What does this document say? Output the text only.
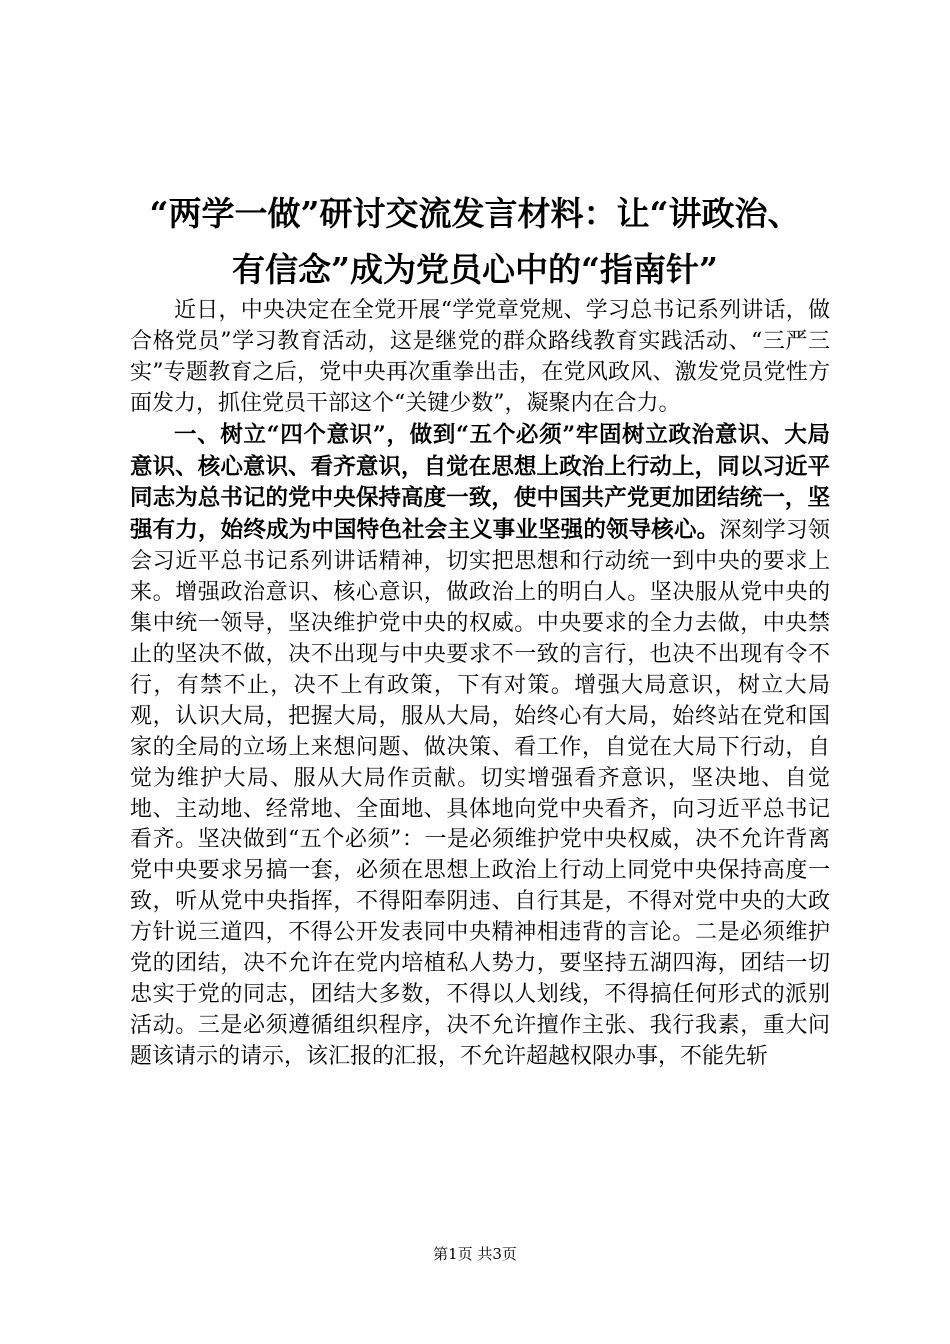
“两学一做”研讨交流发言材料：让“讲政治、
有信念”成为党员心中的“指南针”

近日，中央决定在全党开展“学党章党规、学习总书记系列讲话，做合格党员”学习教育活动，这是继党的群众路线教育实践活动、“三严三实”专题教育之后，党中央再次重拳出击，在党风政风、激发党员党性方面发力，抓住党员干部这个“关键少数”，凝聚内在合力。

一、树立“四个意识”，做到“五个必须”牢固树立政治意识、大局意识、核心意识、看齐意识，自觉在思想上政治上行动上，同以习近平同志为总书记的党中央保持高度一致，使中国共产党更加团结统一，坚强有力，始终成为中国特色社会主义事业坚强的领导核心。深刻学习领会习近平总书记系列讲话精神，切实把思想和行动统一到中央的要求上来。增强政治意识、核心意识，做政治上的明白人。坚决服从党中央的集中统一领导，坚决维护党中央的权威。中央要求的全力去做，中央禁止的坚决不做，决不出现与中央要求不一致的言行，也决不出现有令不行，有禁不止，决不上有政策，下有对策。增强大局意识，树立大局观，认识大局，把握大局，服从大局，始终心有大局，始终站在党和国家的全局的立场上来想问题、做决策、看工作，自觉在大局下行动，自觉为维护大局、服从大局作贡献。切实增强看齐意识，坚决地、自觉地、主动地、经常地、全面地、具体地向党中央看齐，向习近平总书记看齐。坚决做到“五个必须”：一是必须维护党中央权威，决不允许背离党中央要求另搞一套，必须在思想上政治上行动上同党中央保持高度一致，听从党中央指挥，不得阳奉阴违、自行其是，不得对党中央的大政方针说三道四，不得公开发表同中央精神相违背的言论。二是必须维护党的团结，决不允许在党内培植私人势力，要坚持五湖四海，团结一切忠实于党的同志，团结大多数，不得以人划线，不得搞任何形式的派别活动。三是必须遵循组织程序，决不允许擅作主张、我行我素，重大问题该请示的请示，该汇报的汇报，不允许超越权限办事，不能先斩

第1页 共3页
